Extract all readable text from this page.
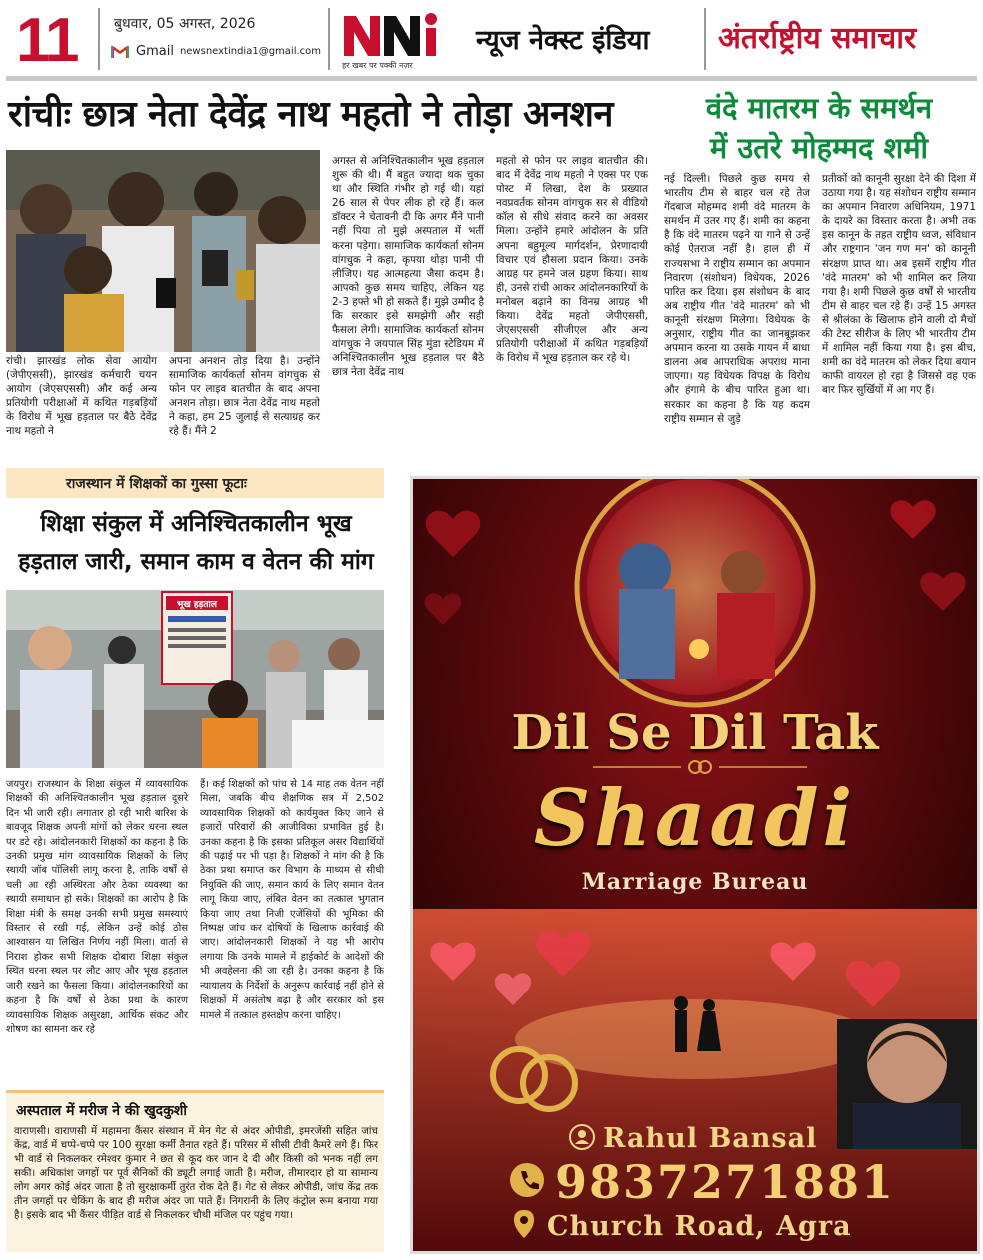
11	बुधवार, 05 अगस्त, 2026
Gmail newsnextindia1@gmail.com
हर खबर पर पक्की नज़र
न्यूज नेक्स्ट इंडिया अंतर्राष्ट्रीय समाचार
रांचीः छात्र नेता देवेंद्र नाथ महतो ने तोड़ा अनशन	वंदे मातरम के समर्थन
में उतरे मोहम्मद शमी
रांची। झारखंड लोक सेवा आयोग (जेपीएससी), झारखंड कर्मचारी चयन आयोग (जेएसएससी) और कई अन्य प्रतियोगी परीक्षाओं में कथित गड़बड़ियों के विरोध में भूख हड़ताल पर बैठे देवेंद्र नाथ महतो ने
अपना अनशन तोड़ दिया है। उन्होंने सामाजिक कार्यकर्ता सोनम वांगचुक से फोन पर लाइव बातचीत के बाद अपना अनशन तोड़ा। छात्र नेता देवेंद्र नाथ महतो ने कहा, हम 25 जुलाई से सत्याग्रह कर रहे हैं। मैंने 2
अगस्त से अनिश्चितकालीन भूख हड़ताल शुरू की थी। मैं बहुत ज्यादा थक चुका था और स्थिति गंभीर हो गई थी। यहां 26 साल से पेपर लीक हो रहे हैं। कल डॉक्टर ने चेतावनी दी कि अगर मैंने पानी नहीं पिया तो मुझे अस्पताल में भर्ती करना पड़ेगा। सामाजिक कार्यकर्ता सोनम वांगचुक ने कहा, कृपया थोड़ा पानी पी लीजिए। यह आत्महत्या जैसा कदम है। आपको कुछ समय चाहिए, लेकिन यह 2-3 हफ्ते भी हो सकते हैं। मुझे उम्मीद है कि सरकार इसे समझेगी और सही फैसला लेगी। सामाजिक कार्यकर्ता सोनम वांगचुक ने जयपाल सिंह मुंडा स्टेडियम में अनिश्चितकालीन भूख हड़ताल पर बैठे छात्र नेता देवेंद्र नाथ
महतो से फोन पर लाइव बातचीत की। बाद में देवेंद्र नाथ महतो ने एक्स पर एक पोस्ट में लिखा, देश के प्रख्यात नवप्रवर्तक सोनम वांगचुक सर से वीडियो कॉल से सीधे संवाद करने का अवसर मिला। उन्होंने हमारे आंदोलन के प्रति अपना बहुमूल्य मार्गदर्शन, प्रेरणादायी विचार एवं हौसला प्रदान किया। उनके आग्रह पर हमने जल ग्रहण किया। साथ ही, उनसे रांची आकर आंदोलनकारियों के मनोबल बढ़ाने का विनम्र आग्रह भी किया। देवेंद्र महतो जेपीएससी, जेएसएससी सीजीएल और अन्य प्रतियोगी परीक्षाओं में कथित गड़बड़ियों के विरोध में भूख हड़ताल कर रहे थे।
नई दिल्ली। पिछले कुछ समय से भारतीय टीम से बाहर चल रहे तेज गेंदबाज मोहम्मद शमी वंदे मातरम के समर्थन में उतर गए हैं। शमी का कहना है कि वंदे मातरम पढ़ने या गाने से उन्हें कोई ऐतराज नहीं है। हाल ही में राज्यसभा ने राष्ट्रीय सम्मान का अपमान निवारण (संशोधन) विधेयक, 2026 पारित कर दिया। इस संशोधन के बाद अब राष्ट्रीय गीत 'वंदे मातरम' को भी कानूनी संरक्षण मिलेगा। विधेयक के अनुसार, राष्ट्रीय गीत का जानबूझकर अपमान करना या उसके गायन में बाधा डालना अब आपराधिक अपराध माना जाएगा। यह विधेयक विपक्ष के विरोध और हंगामे के बीच पारित हुआ था। सरकार का कहना है कि यह कदम राष्ट्रीय सम्मान से जुड़े
प्रतीकों को कानूनी सुरक्षा देने की दिशा में उठाया गया है। यह संशोधन राष्ट्रीय सम्मान का अपमान निवारण अधिनियम, 1971 के दायरे का विस्तार करता है। अभी तक इस कानून के तहत राष्ट्रीय ध्वज, संविधान और राष्ट्रगान 'जन गण मन' को कानूनी संरक्षण प्राप्त था। अब इसमें राष्ट्रीय गीत 'वंदे मातरम' को भी शामिल कर लिया गया है। शमी पिछले कुछ वर्षों से भारतीय टीम से बाहर चल रहे हैं। उन्हें 15 अगस्त से श्रीलंका के खिलाफ होने वाली दो मैचों की टेस्ट सीरीज के लिए भी भारतीय टीम में शामिल नहीं किया गया है। इस बीच, शमी का वंदे मातरम को लेकर दिया बयान काफी वायरल हो रहा है जिससे वह एक बार फिर सुर्खियों में आ गए हैं।
राजस्थान में शिक्षकों का गुस्सा फूटाः
शिक्षा संकुल में अनिश्चितकालीन भूख हड़ताल जारी, समान काम व वेतन की मांग
भूख हड़ताल
जयपुर। राजस्थान के शिक्षा संकुल में व्यावसायिक शिक्षकों की अनिश्चितकालीन भूख हड़ताल दूसरे दिन भी जारी रही। लगातार हो रही भारी बारिश के बावजूद शिक्षक अपनी मांगों को लेकर धरना स्थल पर डटे रहे। आंदोलनकारी शिक्षकों का कहना है कि उनकी प्रमुख मांग व्यावसायिक शिक्षकों के लिए स्थायी जॉब पॉलिसी लागू करना है, ताकि वर्षों से चली आ रही अस्थिरता और ठेका व्यवस्था का स्थायी समाधान हो सके। शिक्षकों का आरोप है कि शिक्षा मंत्री के समक्ष उनकी सभी प्रमुख समस्याएं विस्तार से रखी गई, लेकिन उन्हें कोई ठोस आश्वासन या लिखित निर्णय नहीं मिला। वार्ता से निराश होकर सभी शिक्षक दोबारा शिक्षा संकुल स्थित धरना स्थल पर लौट आए और भूख हड़ताल जारी रखने का फैसला किया। आंदोलनकारियों का कहना है कि वर्षों से ठेका प्रथा के कारण व्यावसायिक शिक्षक असुरक्षा, आर्थिक संकट और शोषण का सामना कर रहे
हैं। कई शिक्षकों को पांच से 14 माह तक वेतन नहीं मिला, जबकि बीच शैक्षणिक सत्र में 2,502 व्यावसायिक शिक्षकों को कार्यमुक्त किए जाने से हजारों परिवारों की आजीविका प्रभावित हुई है। उनका कहना है कि इसका प्रतिकूल असर विद्यार्थियों की पढ़ाई पर भी पड़ा है। शिक्षकों ने मांग की है कि ठेका प्रथा समाप्त कर विभाग के माध्यम से सीधी नियुक्ति की जाए, समान कार्य के लिए समान वेतन लागू किया जाए, लंबित वेतन का तत्काल भुगतान किया जाए तथा निजी एजेंसियों की भूमिका की निष्पक्ष जांच कर दोषियों के खिलाफ कार्रवाई की जाए। आंदोलनकारी शिक्षकों ने यह भी आरोप लगाया कि उनके मामले में हाईकोर्ट के आदेशों की भी अवहेलना की जा रही है। उनका कहना है कि न्यायालय के निर्देशों के अनुरूप कार्रवाई नहीं होने से शिक्षकों में असंतोष बढ़ा है और सरकार को इस मामले में तत्काल हस्तक्षेप करना चाहिए।
अस्पताल में मरीज ने की खुदकुशी
वाराणसी। वाराणसी में महामना कैंसर संस्थान में मेन गेट से अंदर ओपीडी, इमरजेंसी सहित जांच केंद्र, वार्ड में चप्पे-चप्पे पर 100 सुरक्षा कर्मी तैनात रहते हैं। परिसर में सीसी टीवी कैमरे लगे हैं। फिर भी वार्ड से निकलकर रमेश्वर कुमार ने छत से कूद कर जान दे दी और किसी को भनक नहीं लग सकी। अधिकांश जगहों पर पूर्व सैनिकों की ड्यूटी लगाई जाती है। मरीज, तीमारदार हो या सामान्य लोग अगर कोई अंदर जाता है तो सुरक्षाकर्मी तुरंत रोक देते हैं। गेट से लेकर ओपीडी, जांच केंद्र तक तीन जगहों पर चेकिंग के बाद ही मरीज अंदर जा पाते हैं। निगरानी के लिए कंट्रोल रूम बनाया गया है। इसके बाद भी कैंसर पीड़ित वार्ड से निकलकर चौथी मंजिल पर पहुंच गया।
Dil Se Dil Tak
Shaadi
Marriage Bureau
Rahul Bansal
9837271881
Church Road, Agra
